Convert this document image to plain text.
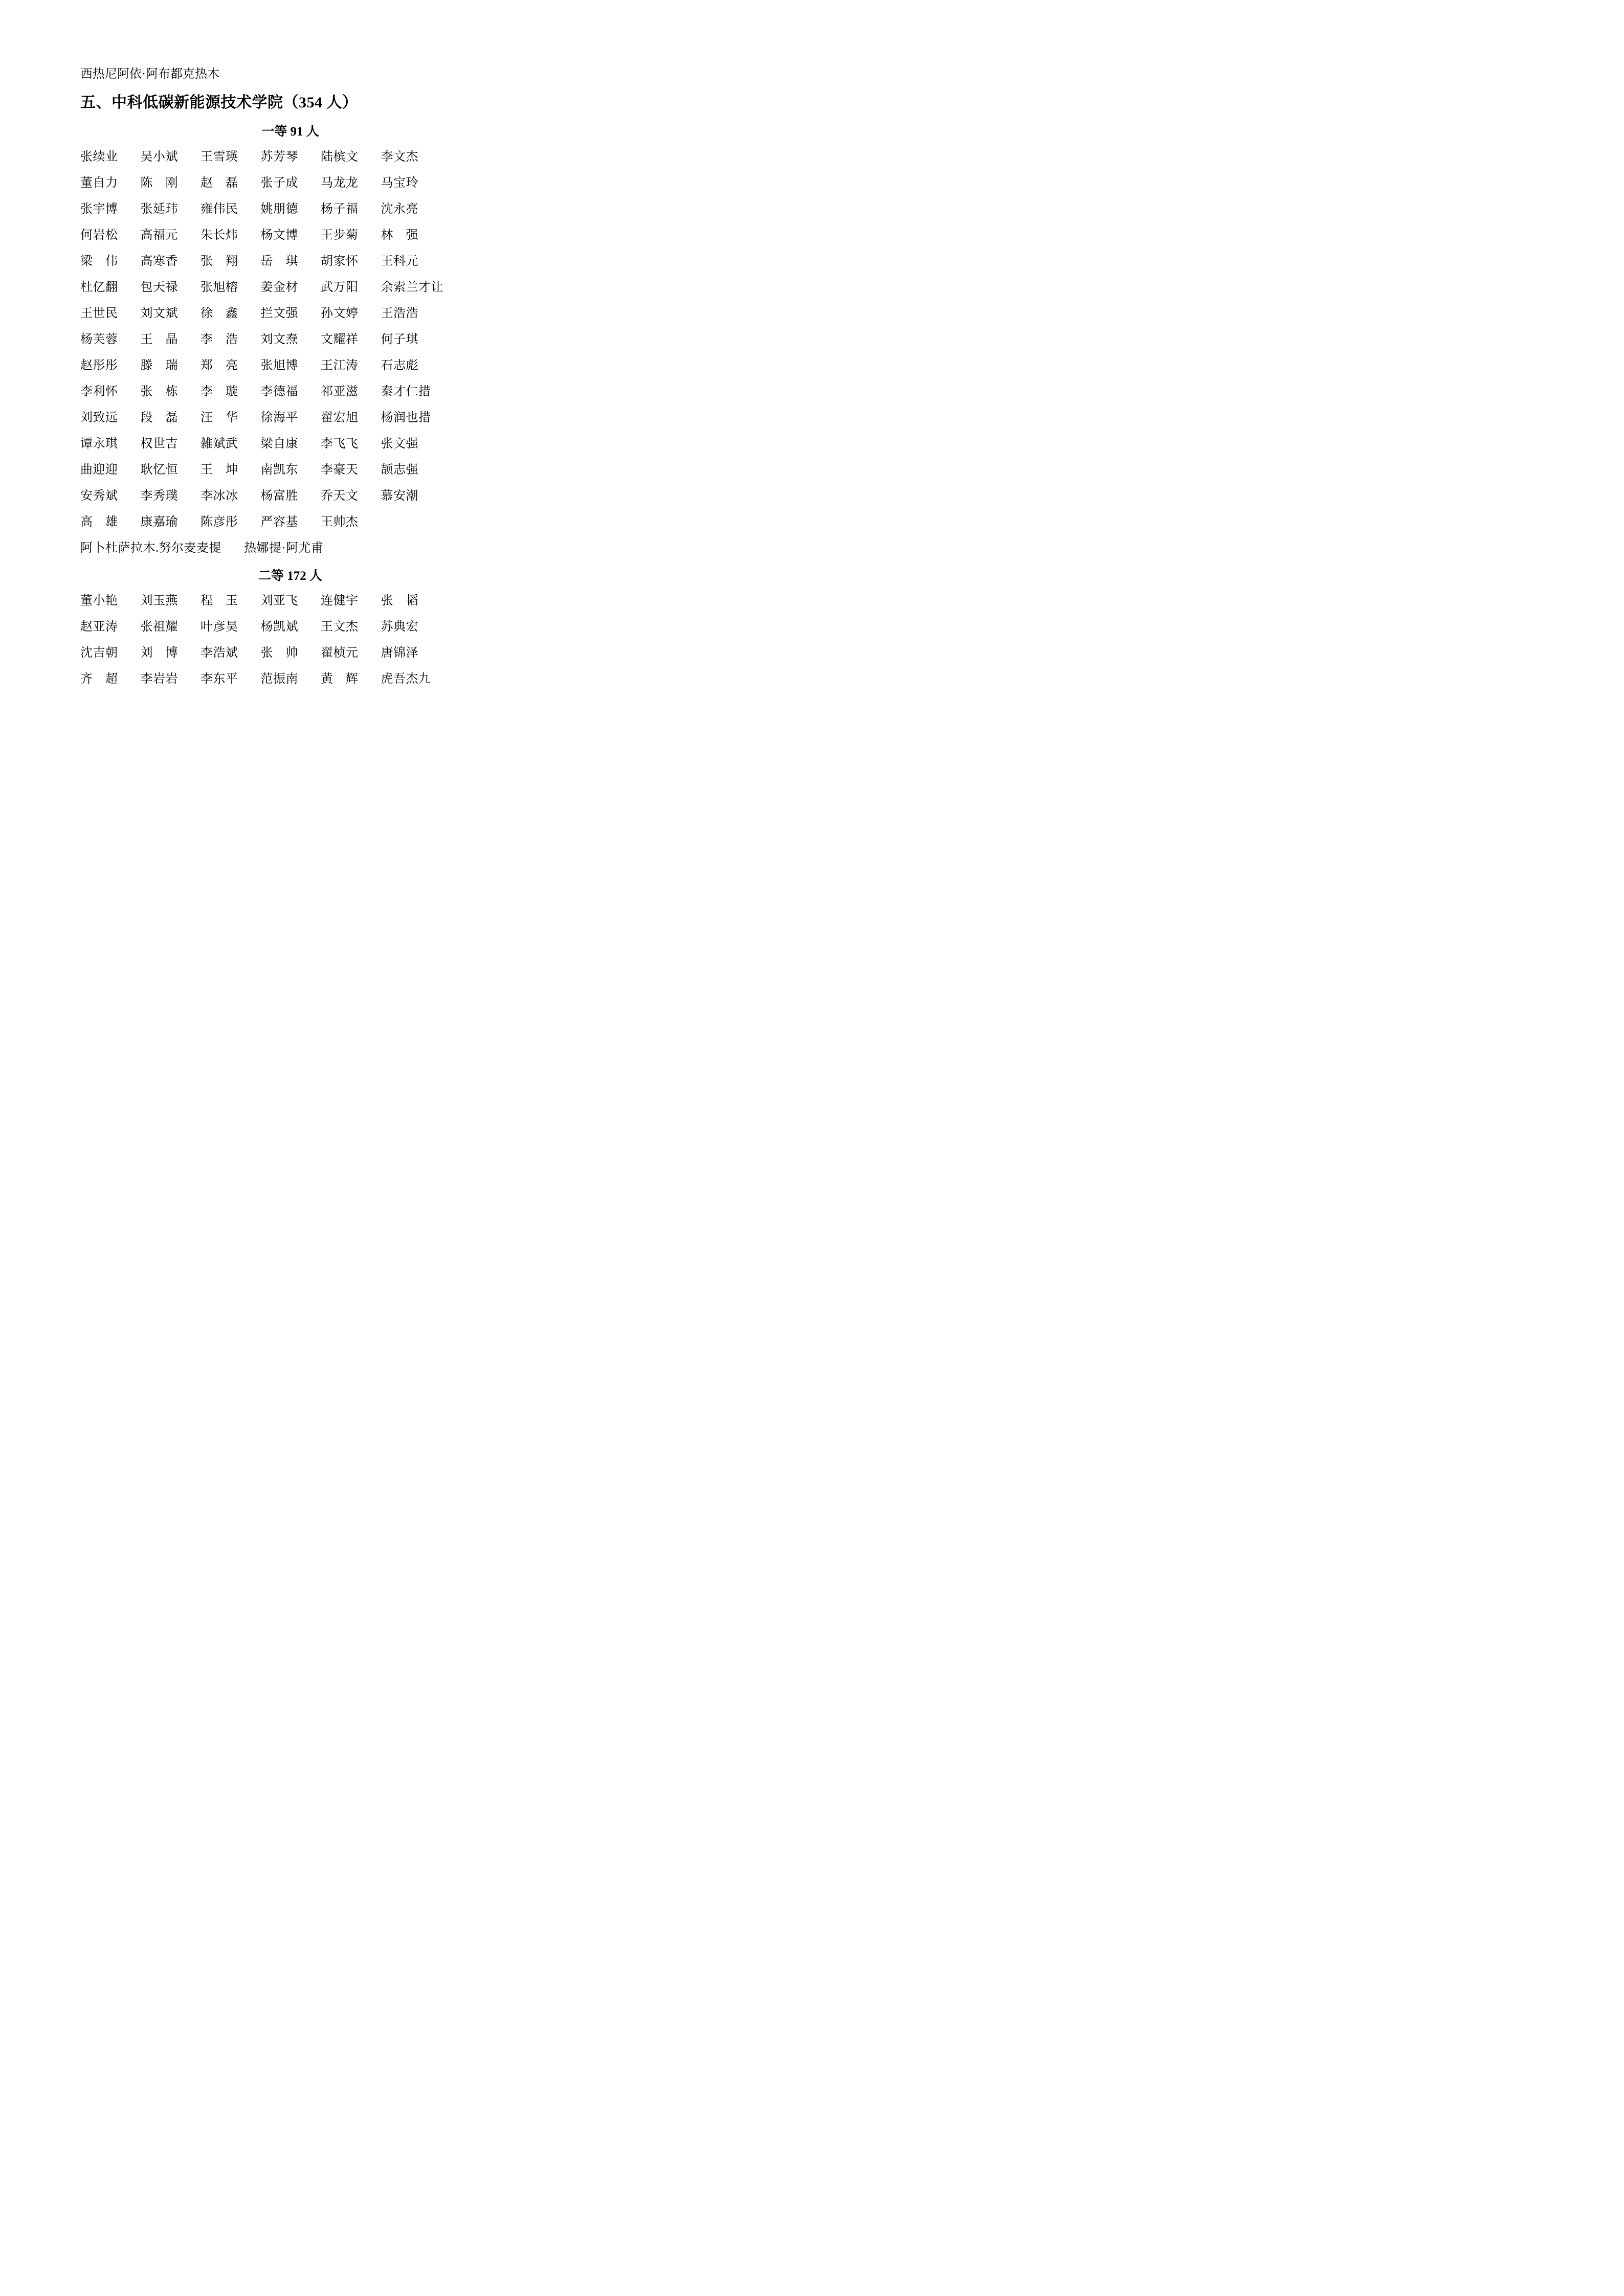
西热尼阿依·阿布都克热木

五、中科低碳新能源技术学院（354 人）
一等 91 人
张续业 吴小斌 王雪瑛 苏芳琴 陆槟文 李文杰
董自力 陈　刚 赵　磊 张子成 马龙龙 马宝玲
张宇博 张延玮 雍伟民 姚朋德 杨子福 沈永亮
何岩松 高福元 朱长炜 杨文博 王步菊 林　强
梁　伟 高寒香 张　翔 岳　琪 胡家怀 王科元
杜亿翻 包天禄 张旭榕 姜金材 武万阳 余索兰才让
王世民 刘文斌 徐　鑫 拦文强 孙文婷 王浩浩
杨芙蓉 王　晶 李　浩 刘文焘 文耀祥 何子琪
赵彤彤 滕　瑞 郑　亮 张旭博 王江涛 石志彪
李利怀 张　栋 李　璇 李德福 祁亚滋 秦才仁措
刘致远 段　磊 汪　华 徐海平 翟宏旭 杨润也措
谭永琪 权世吉 雑斌武 梁自康 李飞飞 张文强
曲迎迎 耿忆恒 王　坤 南凯东 李豪天 颉志强
安秀斌 李秀璞 李冰冰 杨富胜 乔天文 慕安潮
高　雄 康嘉瑜 陈彦彤 严容基 王帅杰
阿卜杜萨拉木.努尔麦麦提 热娜提·阿尤甫
二等 172 人
董小艳 刘玉燕 程　玉 刘亚飞 连健宇 张　韬
赵亚涛 张祖耀 叶彦昊 杨凯斌 王文杰 苏典宏
沈吉朝 刘　博 李浩斌 张　帅 翟桢元 唐锦泽
齐　超 李岩岩 李东平 范振南 黄　辉 虎吾杰九
